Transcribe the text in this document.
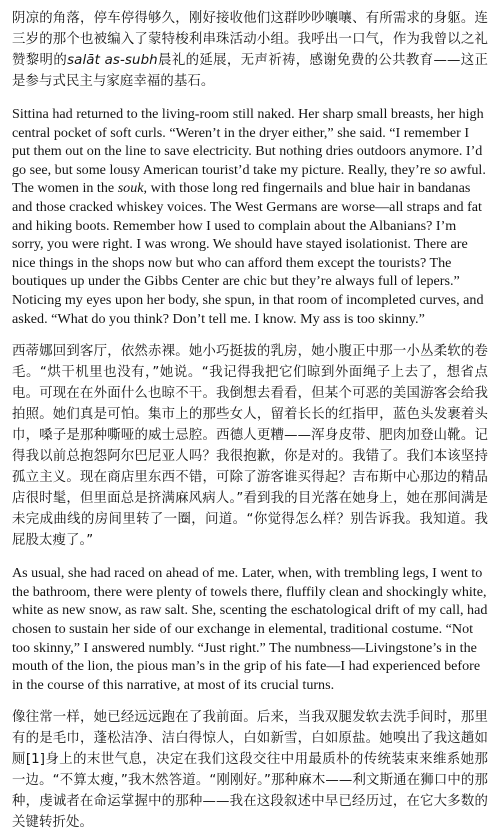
阴凉的角落，停车停得够久，刚好接收他们这群吵吵嚷嚷、有所需求的身躯。连三岁的那个也被编入了蒙特梭利串珠活动小组。我呼出一口气，作为我曾以之礼赞黎明的salāt as-subh晨礼的延展，无声祈祷，感谢免费的公共教育——这正是参与式民主与家庭幸福的基石。

Sittina had returned to the living-room still naked. Her sharp small breasts, her high central pocket of soft curls. “Weren’t in the dryer either,” she said. “I remember I put them out on the line to save electricity. But nothing dries outdoors anymore. I’d go see, but some lousy American tourist’d take my picture. Really, they’re so awful. The women in the souk, with those long red fingernails and blue hair in bandanas and those cracked whiskey voices. The West Germans are worse—all straps and fat and hiking boots. Remember how I used to complain about the Albanians? I’m sorry, you were right. I was wrong. We should have stayed isolationist. There are nice things in the shops now but who can afford them except the tourists? The boutiques up under the Gibbs Center are chic but they’re always full of lepers.” Noticing my eyes upon her body, she spun, in that room of incompleted curves, and asked. “What do you think? Don’t tell me. I know. My ass is too skinny.”

西蒂娜回到客厅，依然赤裸。她小巧挺拔的乳房，她小腹正中那一小丛柔软的卷毛。“烘干机里也没有，”她说。“我记得我把它们晾到外面绳子上去了，想省点电。可现在在外面什么也晾不干。我倒想去看看，但某个可恶的美国游客会给我拍照。她们真是可怕。集市上的那些女人，留着长长的红指甲，蓝色头发裹着头巾，嗓子是那种嘶哑的威士忌腔。西德人更糟——浑身皮带、肥肉加登山靴。记得我以前总抱怨阿尔巴尼亚人吗？我很抱歉，你是对的。我错了。我们本该坚持孤立主义。现在商店里东西不错，可除了游客谁买得起？吉布斯中心那边的精品店很时髦，但里面总是挤满麻风病人。”看到我的目光落在她身上，她在那间满是未完成曲线的房间里转了一圈，问道。“你觉得怎么样？别告诉我。我知道。我屁股太瘦了。”

As usual, she had raced on ahead of me. Later, when, with trembling legs, I went to the bathroom, there were plenty of towels there, fluffily clean and shockingly white, white as new snow, as raw salt. She, scenting the eschatological drift of my call, had chosen to sustain her side of our exchange in elemental, traditional costume. “Not too skinny,” I answered numbly. “Just right.” The numbness—Livingstone’s in the mouth of the lion, the pious man’s in the grip of his fate—I had experienced before in the course of this narrative, at most of its crucial turns.

像往常一样，她已经远远跑在了我前面。后来，当我双腿发软去洗手间时，那里有的是毛巾，蓬松洁净、洁白得惊人，白如新雪，白如原盐。她嗅出了我这趟如厕[1]身上的末世气息，决定在我们这段交往中用最质朴的传统装束来维系她那一边。“不算太瘦，”我木然答道。“刚刚好。”那种麻木——利文斯通在狮口中的那种，虔诚者在命运掌握中的那种——我在这段叙述中早已经历过，在它大多数的关键转折处。
